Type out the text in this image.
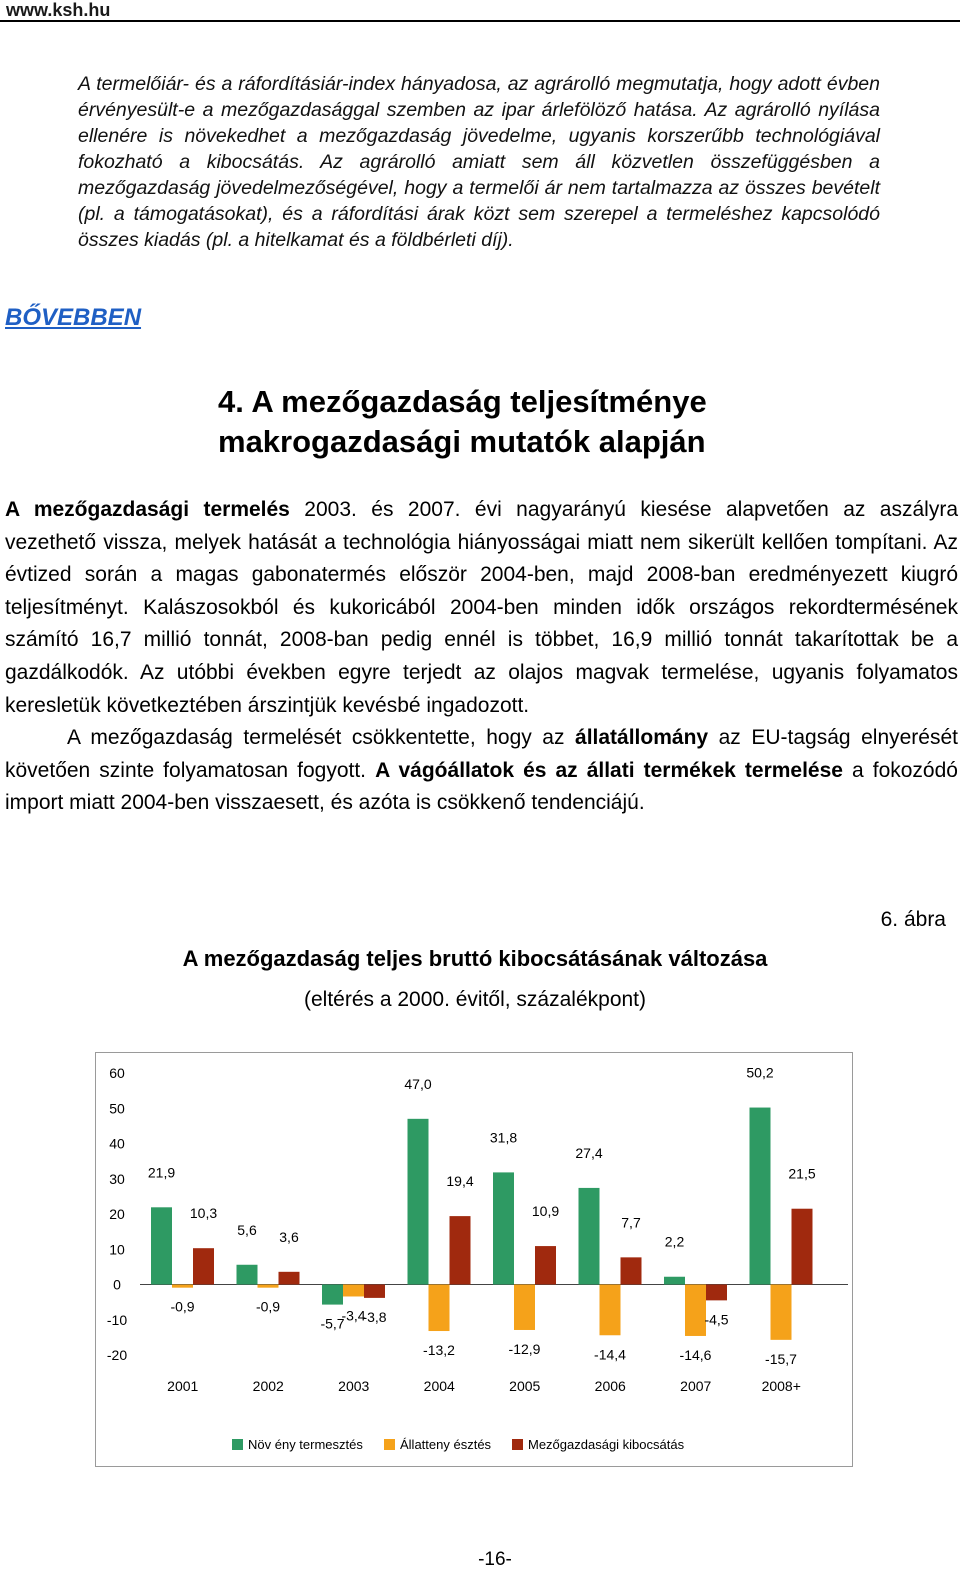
www.ksh.hu
A termelőiár- és a ráfordításiár-index hányadosa, az agrárolló megmutatja, hogy adott évben érvényesült-e a mezőgazdasággal szemben az ipar árlefölöző hatása. Az agrárolló nyílása ellenére is növekedhet a mezőgazdaság jövedelme, ugyanis korszerűbb technológiával fokozható a kibocsátás. Az agrárolló amiatt sem áll közvetlen összefüggésben a mezőgazdaság jövedelmezőségével, hogy a termelői ár nem tartalmazza az összes bevételt (pl. a támogatásokat), és a ráfordítási árak közt sem szerepel a termeléshez kapcsolódó összes kiadás (pl. a hitelkamat és a földbérleti díj).
BŐVEBBEN
4. A mezőgazdaság teljesítménye makrogazdasági mutatók alapján

A mezőgazdasági termelés 2003. és 2007. évi nagyarányú kiesése alapvetően az aszályra vezethető vissza, melyek hatását a technológia hiányosságai miatt nem sikerült kellően tompítani. Az évtized során a magas gabonatermés először 2004-ben, majd 2008-ban eredményezett kiugró teljesítményt. Kalászosokból és kukoricából 2004-ben minden idők országos rekordtermésének számító 16,7 millió tonnát, 2008-ban pedig ennél is többet, 16,9 millió tonnát takarítottak be a gazdálkodók. Az utóbbi években egyre terjedt az olajos magvak termelése, ugyanis folyamatos keresletük következtében árszintjük kevésbé ingadozott.

A mezőgazdaság termelését csökkentette, hogy az állatállomány az EU-tagság elnyerését követően szinte folyamatosan fogyott. A vágóállatok és az állati termékek termelése a fokozódó import miatt 2004-ben visszaesett, és azóta is csökkenő tendenciájú.

6. ábra
A mezőgazdaság teljes bruttó kibocsátásának változása
(eltérés a 2000. évitől, százalékpont)
60
50
40
30
20
10
0
-10
-20
21,9
5,6
-5,7
47,0
31,8
27,4
2,2
50,2
-0,9	-0,9
-3,4
-13,2	-12,9	-14,4	-14,6	-15,7
10,3
3,6
-3,8
19,4
10,9
7,7
-4,5
21,5
2001	2002	2003	2004	2005	2006	2007	2008+
Növ ény termesztés	Állatteny észtés	Mezőgazdasági kibocsátás
-16-
